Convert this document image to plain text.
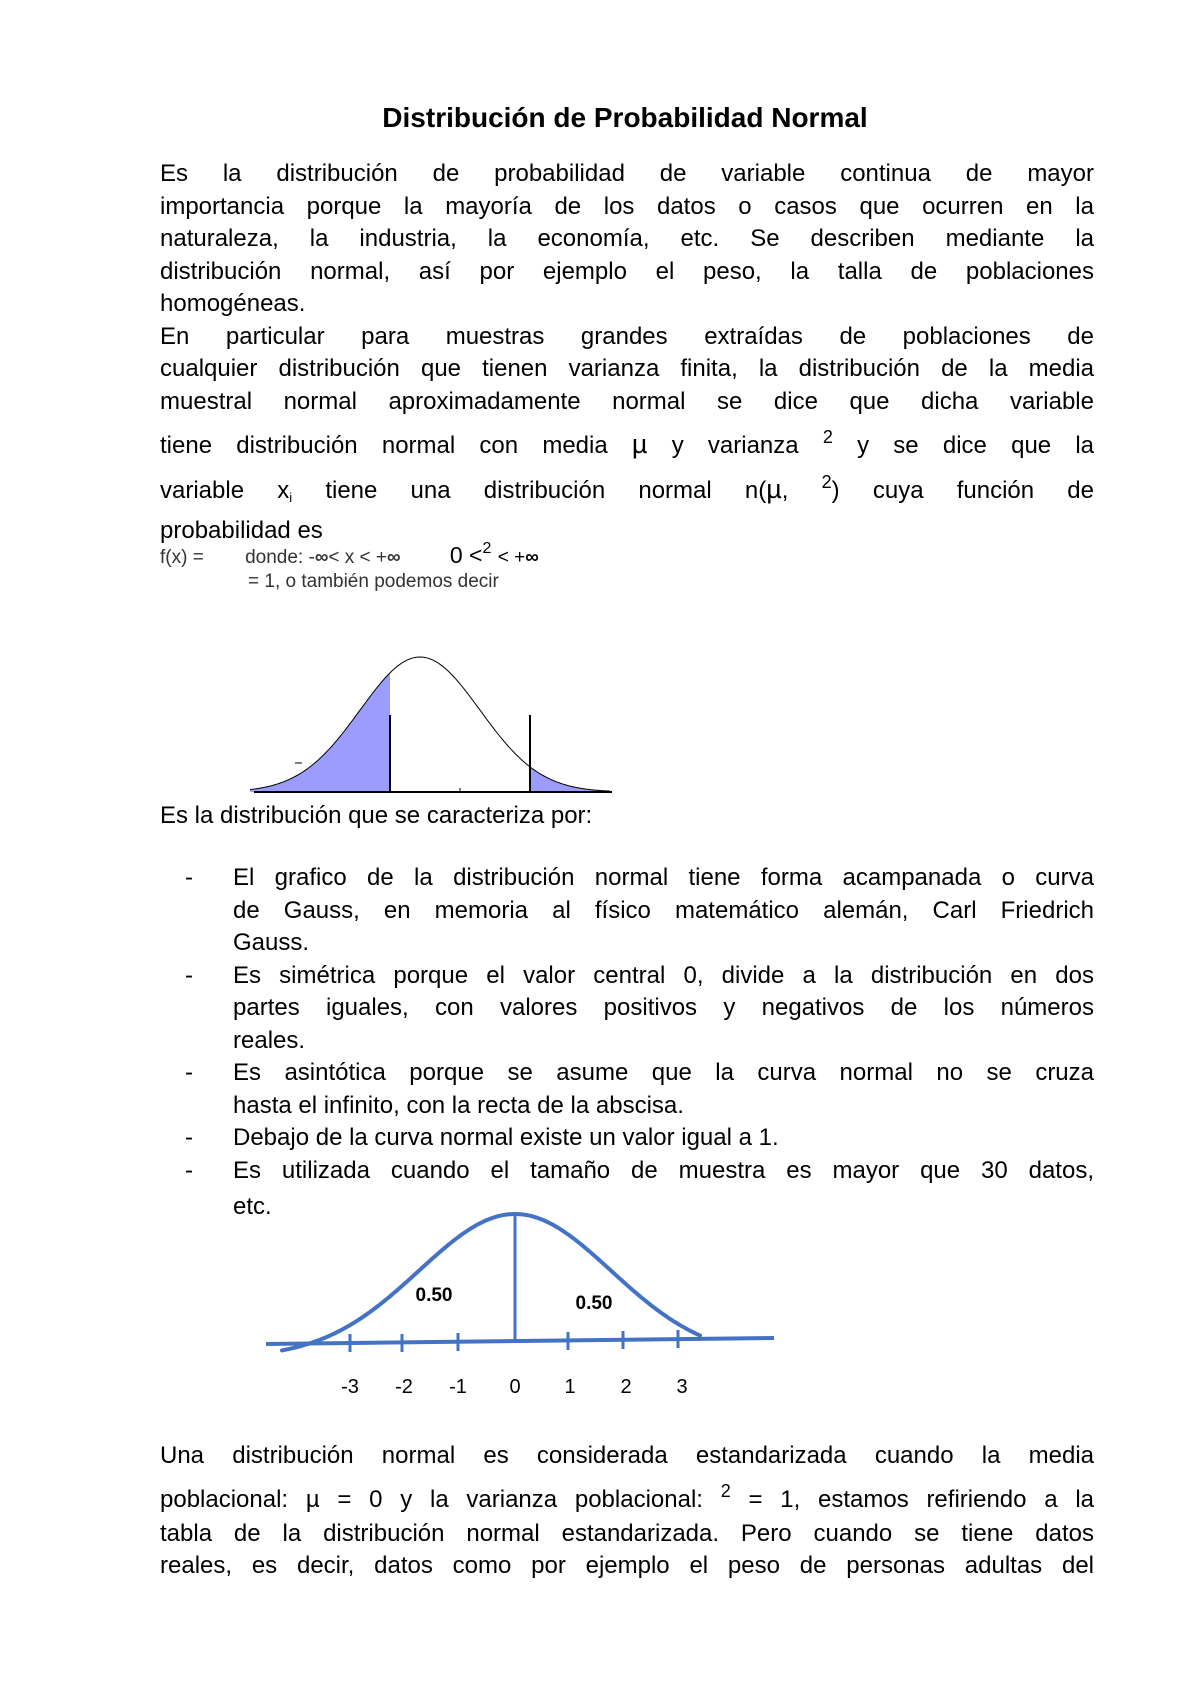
Distribución de Probabilidad Normal
Es la distribución de probabilidad de variable continua de mayor
importancia porque la mayoría de los datos o casos que ocurren en la
naturaleza, la industria, la economía, etc. Se describen mediante la
distribución normal, así por ejemplo el peso, la talla de poblaciones
homogéneas.
En particular para muestras grandes extraídas de poblaciones de
cualquier distribución que tienen varianza finita, la distribución de la media
muestral normal aproximadamente normal se dice que dicha variable
tiene distribución normal con media µ y varianza $^2$ y se dice que la
variable $x_i$ tiene una distribución normal n(µ, $^2$) cuya función de
probabilidad es
f(x) = donde: -∞< x < +∞ 0 <$^2$ < +∞
= 1, o también podemos decir
Es la distribución que se caracteriza por:
- El grafico de la distribución normal tiene forma acampanada o curva
de Gauss, en memoria al físico matemático alemán, Carl Friedrich
Gauss.
- Es simétrica porque el valor central 0, divide a la distribución en dos
partes iguales, con valores positivos y negativos de los números
reales.
- Es asintótica porque se asume que la curva normal no se cruza
hasta el infinito, con la recta de la abscisa.
- Debajo de la curva normal existe un valor igual a 1.
- Es utilizada cuando el tamaño de muestra es mayor que 30 datos,
etc.
-3 -2 -1 0 1 2 3
0.50	0.50
Una distribución normal es considerada estandarizada cuando la media
poblacional: µ = 0 y la varianza poblacional: $^2$ = 1, estamos refiriendo a la
tabla de la distribución normal estandarizada. Pero cuando se tiene datos
reales, es decir, datos como por ejemplo el peso de personas adultas del
